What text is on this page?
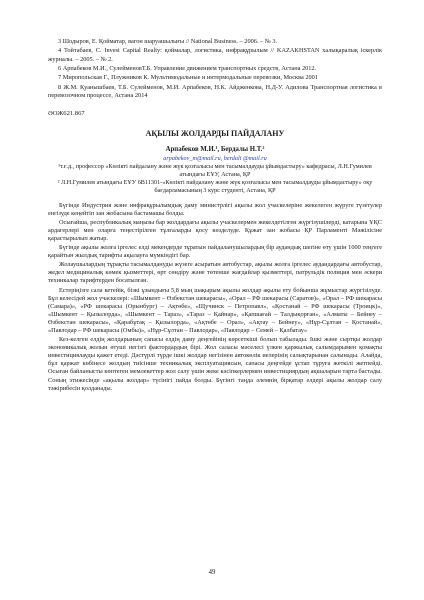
3 Шодыров, Е. Қойматар, вагон шаруашылығы // National Business. – 2006. – № 3.

4 Тойтабаев, С. Invest Capital Realty: қоймалар, логистика, инфрақұрылым // KAZAKHSTAN халықаралық іскерлік журналы. – 2005. – № 2.

6 Арпабеков М.И., СулейменовТ.Б. Управление движением транспортных средств, Астана 2012.

7 Миропольская Г., Плужников К. Мультимодальные и интермодальные перевозки, Москва 2001

8 Ж.М. Қуанышбаев, Т.Б. Сулейменов, М.И. Арпабеков, Н.К. Айдженкова, Н.Д-У. Адилова Транспортная логистика в перевозочном процессе, Астана 2014

ӘОЖ621.867
АҚЫЛЫ ЖОЛДАРДЫ ПАЙДАЛАНУ
Арпабеков М.И.¹, Бердалы Н.Т.²
arpabekov_m@mail.ru, berdali @mail.ru
¹т.ғ.д., профессор «Көлікті пайдалану және жүк қозғалысы мен тасымалдауды ұйымдастыру» кафедрасы, Л.Н.Гумилев атындағы ЕҰУ, Астана, ҚР
² Л.Н.Гумилев атындағы ЕҰУ 6В11301-«Көлікті пайдалану және жүк қозғалысы мен тасымалдауды ұйымдастыру» оқу бағдарламасының 3 курс студенті, Астана, ҚР

Бүгінде Индустрия және инфрақұрылымдық даму министрлігі ақылы жол учаскелеріне жекелеген жүруге түзетулер енгізуде кеңейтіп зан жобасына бастамашы болды.

Осығайша, республикалық маңызы бар жолдардағы ақылы учаскелермен жекелдетілген жүргізушілерді, катарына ҰҚС ардагерлері мен оларға теңестірілген тұлғаларды қосу көзделуде. Құжат зан жобасы ҚР Парламенті Мәжілісіне қарастырылып жатыр.

Бүгінде ақылы жолға іргелес елді мекендерде тұратын пайдаланушылардың бір аудандық шегіне өту үшін 1000 теңгеге қарайтын жылдық тарифты ақылауға мүмкіндігі бар.

Жолаушылардың тұрақты тасымалдануды жүзеге асыратын автобустар, ақылы жолға іргелес аудандардағы автобустар, жедел медициналық көмек қызметтері, өрт сөндіру және төтенше жағдайлар қызметтері, патрульдік полиция мен әскери техникалар тарифтерден босатылған.

Естеріңізге сала кетейік, бізкі ұзындығы 5,8 мың шақырым ақылы жолдар ақылы ету бойынша жұмыстар жүргізілуде. Бұл келесідей жол учаскелері: «Шымкент – Өзбекстан шекарасы», «Орал – РФ шекарасы (Саратов)», «Орал – РФ шекарасы (Самара)», «РФ шекарасы (Орынбург) – Ақтөбе», «Щучинск – Петропавл», «Қостанай – РФ шекарасы (Троицк)», «Шымкент – Қызылорда», «Шымкент – Тараз», «Тараз – Қайнар», «Қапшағай – Талдықорған», «Алматы – Бейнеу – Өзбекстан шекарасы», «Қарабұтақ – Қызылорда», «Ақтөбе – Орал», «Ақтау – Бейнеу», «Нұр-Сұлтан – Қостанай», «Павлодар – РФ шекарасы (Омбы)», «Нұр-Сұлтан – Павлодар», «Павлодар – Семей – Қалбатау»

Кез-келген елдің жолдарының сапасы елдің даму деңгейінің көрсеткіші болып табылады. Ішкі және сыртқы жолдар экономикалық жолын өтуші негізгі фактордардың бірі. Жол саласы мәселесі үлкен қаржылық салымдарымен қомақты инвестициялауды қажет етеді. Дәстүрлі түрде ішкі жолдар негізінен автокөлік иелерінің салықтарынан салынады. Алайда, бұл қаржат көбінесе жолдың тиісінше техникалық эксплуатациясын, сапасы деңгейде ұстап тұруға жеткілі жетпейді. Осыған байланысты көптеген мемлекеттер жол салу үшін жеке кәсіпкерлермен инвестициярдың ақшаларын тарта бастады. Соның этижесінде «ақылы жолдар» түсінігі пайда болды. Бүгінгі таңда әлемнің бірқатар елдері ақылы жолдар салу тәжірибесін қолданады.

49
